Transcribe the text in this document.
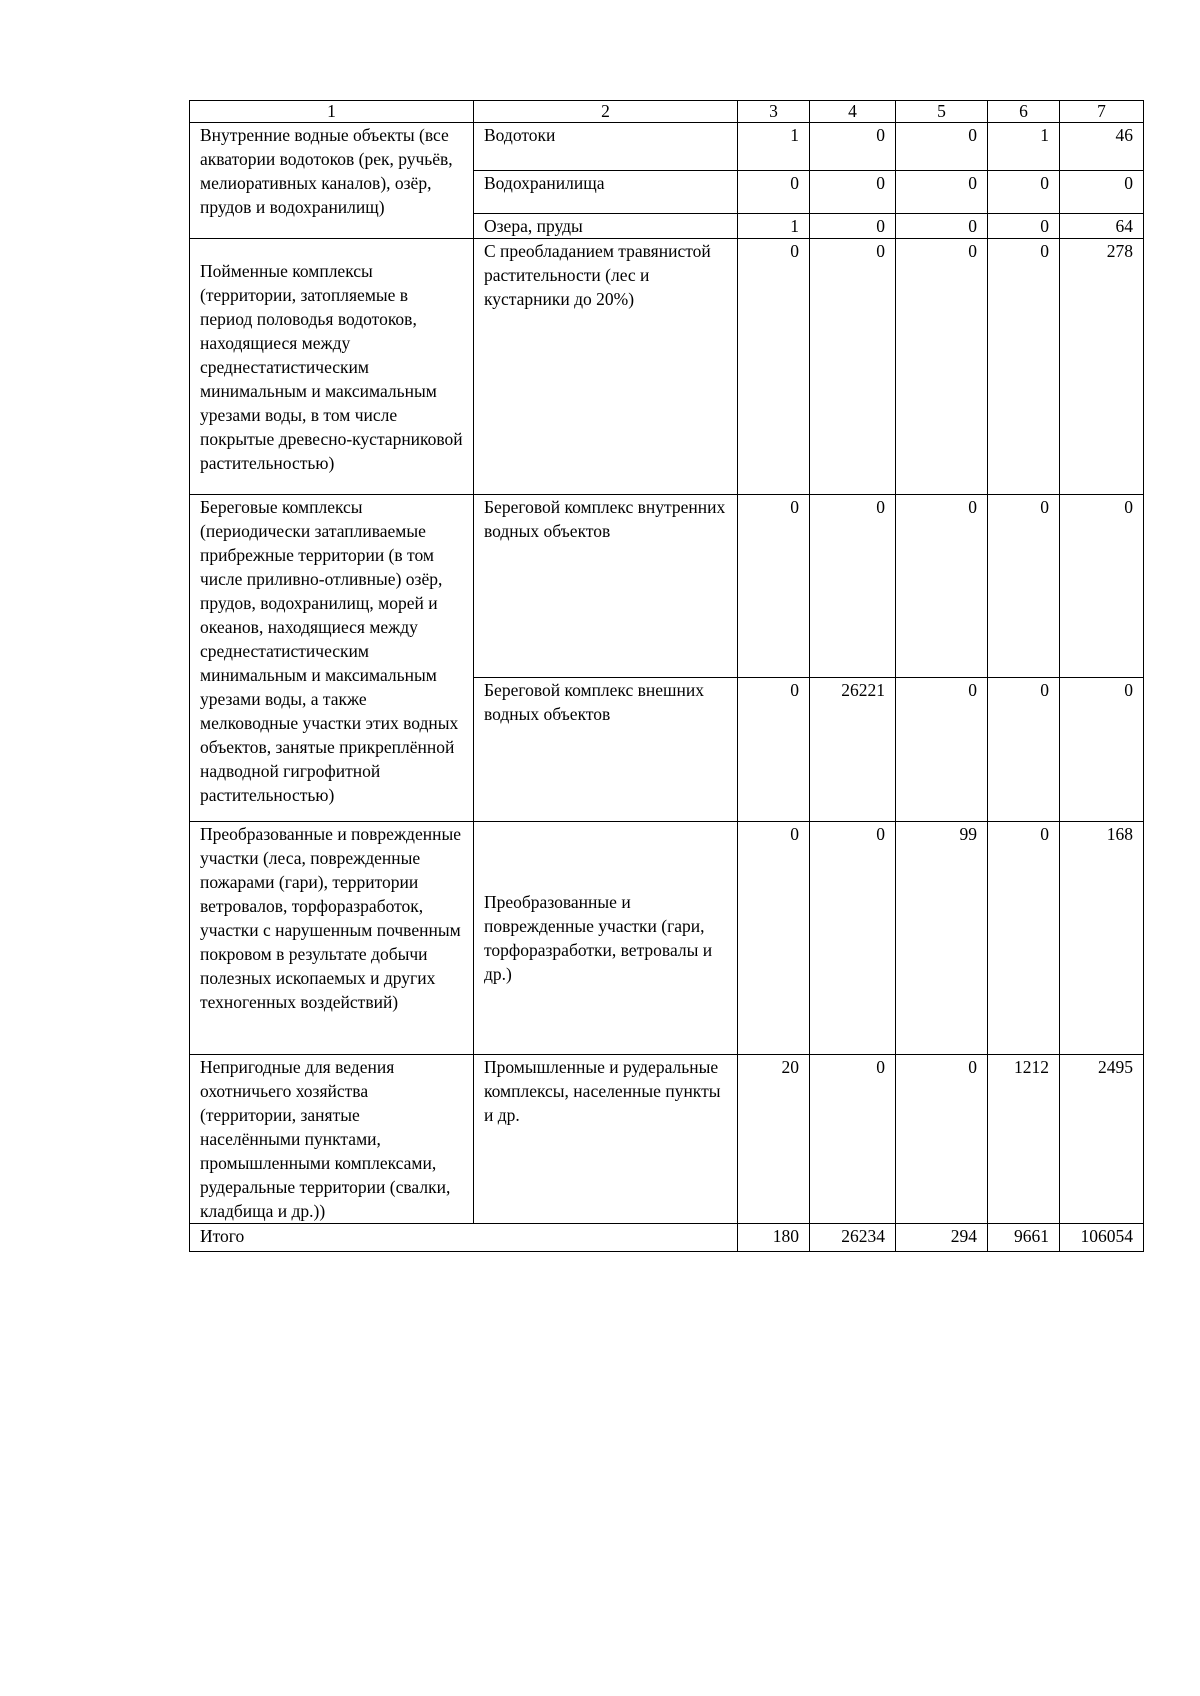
1	2	3	4	5	6	7
Внутренние водные объекты (все акватории водотоков (рек, ручьёв, мелиоративных каналов), озёр, прудов и водохранилищ)	Водотоки	1	0	0	1	46
	Водохранилища	0	0	0	0	0
	Озера, пруды	1	0	0	0	64
Пойменные комплексы (территории, затопляемые в период половодья водотоков, находящиеся между среднестатистическим минимальным и максимальным урезами воды, в том числе покрытые древесно-кустарниковой растительностью)	С преобладанием травянистой растительности (лес и кустарники до 20%)	0	0	0	0	278
Береговые комплексы (периодически затапливаемые прибрежные территории (в том числе приливно-отливные) озёр, прудов, водохранилищ, морей и океанов, находящиеся между среднестатистическим минимальным и максимальным урезами воды, а также мелководные участки этих водных объектов, занятые прикреплённой надводной гигрофитной растительностью)	Береговой комплекс внутренних водных объектов	0	0	0	0	0
	Береговой комплекс внешних водных объектов	0	26221	0	0	0
Преобразованные и поврежденные участки (леса, поврежденные пожарами (гари), территории ветровалов, торфоразработок, участки с нарушенным почвенным покровом в результате добычи полезных ископаемых и других техногенных воздействий)	Преобразованные и поврежденные участки (гари, торфоразработки, ветровалы и др.)	0	0	99	0	168
Непригодные для ведения охотничьего хозяйства (территории, занятые населёнными пунктами, промышленными комплексами, рудеральные территории (свалки, кладбища и др.))	Промышленные и рудеральные комплексы, населенные пункты и др.	20	0	0	1212	2495
Итого		180	26234	294	9661	106054
